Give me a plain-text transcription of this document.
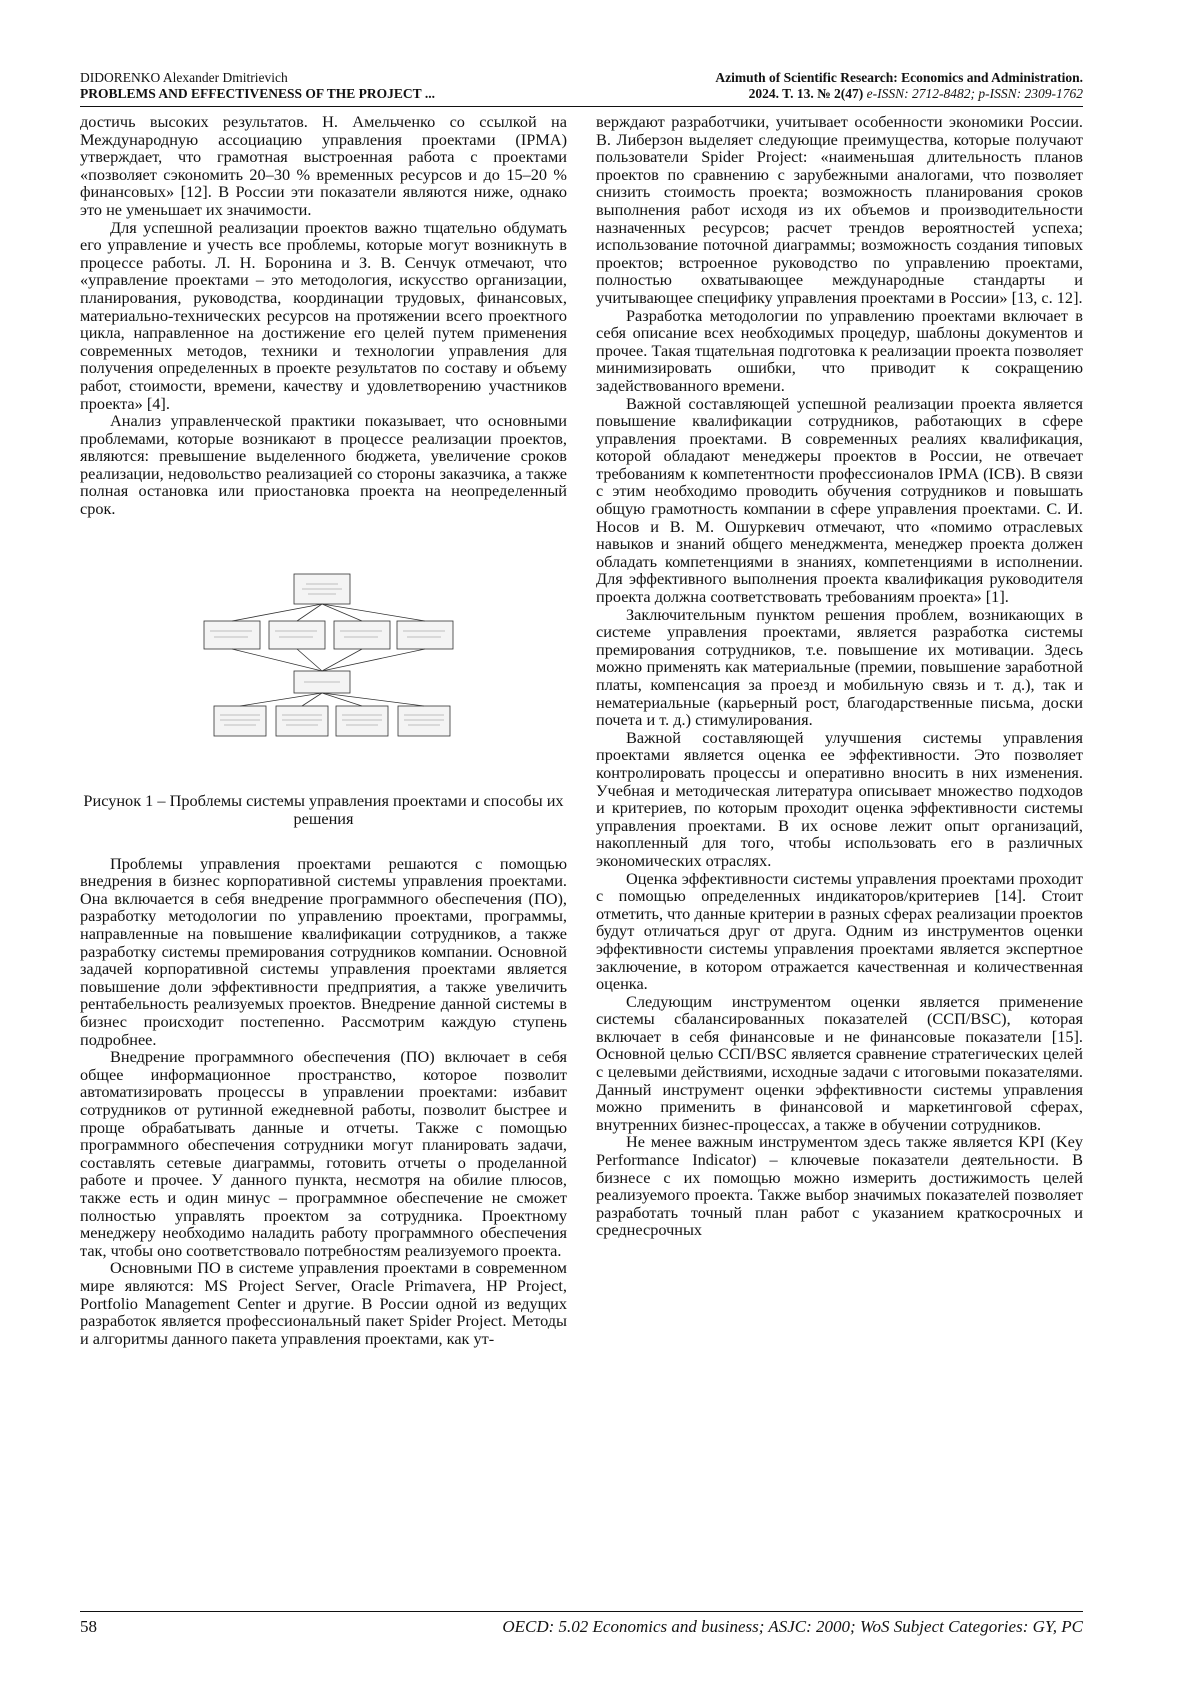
DIDORENKO Alexander Dmitrievich
PROBLEMS AND EFFECTIVENESS OF THE PROJECT ...
Azimuth of Scientific Research: Economics and Administration.
2024. T. 13. № 2(47) e-ISSN: 2712-8482; p-ISSN: 2309-1762

достичь высоких результатов. Н. Амельченко со ссылкой на Международную ассоциацию управления проектами (IPMA) утверждает, что грамотная выстроенная работа с проектами «позволяет сэкономить 20–30 % временных ресурсов и до 15–20 % финансовых» [12]. В России эти показатели являются ниже, однако это не уменьшает их значимости.

Для успешной реализации проектов важно тщательно обдумать его управление и учесть все проблемы, которые могут возникнуть в процессе работы. Л. Н. Боронина и З. В. Сенчук отмечают, что «управление проектами – это методология, искусство организации, планирования, руководства, координации трудовых, финансовых, материально-технических ресурсов на протяжении всего проектного цикла, направленное на достижение его целей путем применения современных методов, техники и технологии управления для получения определенных в проекте результатов по составу и объему работ, стоимости, времени, качеству и удовлетворению участников проекта» [4].

Анализ управленческой практики показывает, что основными проблемами, которые возникают в процессе реализации проектов, являются: превышение выделенного бюджета, увеличение сроков реализации, недовольство реализацией со стороны заказчика, а также полная остановка или приостановка проекта на неопределенный срок.

Рисунок 1 – Проблемы системы управления проектами и способы их решения

Проблемы управления проектами решаются с помощью внедрения в бизнес корпоративной системы управления проектами. Она включается в себя внедрение программного обеспечения (ПО), разработку методологии по управлению проектами, программы, направленные на повышение квалификации сотрудников, а также разработку системы премирования сотрудников компании. Основной задачей корпоративной системы управления проектами является повышение доли эффективности предприятия, а также увеличить рентабельность реализуемых проектов. Внедрение данной системы в бизнес происходит постепенно. Рассмотрим каждую ступень подробнее.

Внедрение программного обеспечения (ПО) включает в себя общее информационное пространство, которое позволит автоматизировать процессы в управлении проектами: избавит сотрудников от рутинной ежедневной работы, позволит быстрее и проще обрабатывать данные и отчеты. Также с помощью программного обеспечения сотрудники могут планировать задачи, составлять сетевые диаграммы, готовить отчеты о проделанной работе и прочее. У данного пункта, несмотря на обилие плюсов, также есть и один минус – программное обеспечение не сможет полностью управлять проектом за сотрудника. Проектному менеджеру необходимо наладить работу программного обеспечения так, чтобы оно соответствовало потребностям реализуемого проекта.

Основными ПО в системе управления проектами в современном мире являются: MS Project Server, Oracle Primavera, HP Project, Portfolio Management Center и другие. В России одной из ведущих разработок является профессиональный пакет Spider Project. Методы и алгоритмы данного пакета управления проектами, как ут-

верждают разработчики, учитывает особенности экономики России. В. Либерзон выделяет следующие преимущества, которые получают пользователи Spider Project: «наименьшая длительность планов проектов по сравнению с зарубежными аналогами, что позволяет снизить стоимость проекта; возможность планирования сроков выполнения работ исходя из их объемов и производительности назначенных ресурсов; расчет трендов вероятностей успеха; использование поточной диаграммы; возможность создания типовых проектов; встроенное руководство по управлению проектами, полностью охватывающее международные стандарты и учитывающее специфику управления проектами в России» [13, с. 12].

Разработка методологии по управлению проектами включает в себя описание всех необходимых процедур, шаблоны документов и прочее. Такая тщательная подготовка к реализации проекта позволяет минимизировать ошибки, что приводит к сокращению задействованного времени.

Важной составляющей успешной реализации проекта является повышение квалификации сотрудников, работающих в сфере управления проектами. В современных реалиях квалификация, которой обладают менеджеры проектов в России, не отвечает требованиям к компетентности профессионалов IPMA (ICB). В связи с этим необходимо проводить обучения сотрудников и повышать общую грамотность компании в сфере управления проектами. С. И. Носов и В. М. Ошуркевич отмечают, что «помимо отраслевых навыков и знаний общего менеджмента, менеджер проекта должен обладать компетенциями в знаниях, компетенциями в исполнении. Для эффективного выполнения проекта квалификация руководителя проекта должна соответствовать требованиям проекта» [1].

Заключительным пунктом решения проблем, возникающих в системе управления проектами, является разработка системы премирования сотрудников, т.е. повышение их мотивации. Здесь можно применять как материальные (премии, повышение заработной платы, компенсация за проезд и мобильную связь и т. д.), так и нематериальные (карьерный рост, благодарственные письма, доски почета и т. д.) стимулирования.

Важной составляющей улучшения системы управления проектами является оценка ее эффективности. Это позволяет контролировать процессы и оперативно вносить в них изменения. Учебная и методическая литература описывает множество подходов и критериев, по которым проходит оценка эффективности системы управления проектами. В их основе лежит опыт организаций, накопленный для того, чтобы использовать его в различных экономических отраслях.

Оценка эффективности системы управления проектами проходит с помощью определенных индикаторов/критериев [14]. Стоит отметить, что данные критерии в разных сферах реализации проектов будут отличаться друг от друга. Одним из инструментов оценки эффективности системы управления проектами является экспертное заключение, в котором отражается качественная и количественная оценка.

Следующим инструментом оценки является применение системы сбалансированных показателей (ССП/BSC), которая включает в себя финансовые и не финансовые показатели [15]. Основной целью ССП/BSC является сравнение стратегических целей с целевыми действиями, исходные задачи с итоговыми показателями. Данный инструмент оценки эффективности системы управления можно применить в финансовой и маркетинговой сферах, внутренних бизнес-процессах, а также в обучении сотрудников.

Не менее важным инструментом здесь также является KPI (Key Performance Indicator) – ключевые показатели деятельности. В бизнесе с их помощью можно измерить достижимость целей реализуемого проекта. Также выбор значимых показателей позволяет разработать точный план работ с указанием краткосрочных и среднесрочных

58	OECD: 5.02 Economics and business; ASJC: 2000; WoS Subject Categories: GY, PC
